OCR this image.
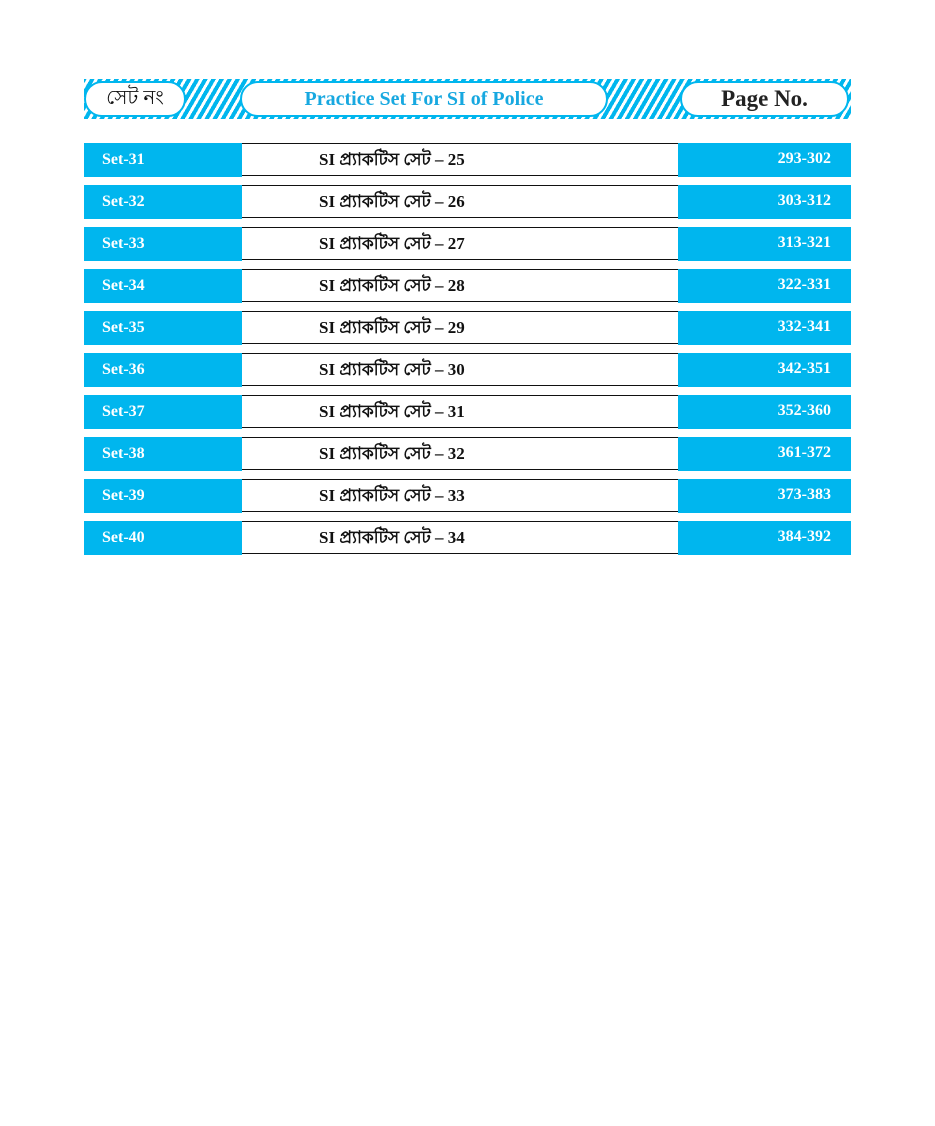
সেট নং	Practice Set For SI of Police	Page No.
Set-31	SI প্র্যাকটিস সেট – 25	293-302
Set-32	SI প্র্যাকটিস সেট – 26	303-312
Set-33	SI প্র্যাকটিস সেট – 27	313-321
Set-34	SI প্র্যাকটিস সেট – 28	322-331
Set-35	SI প্র্যাকটিস সেট – 29	332-341
Set-36	SI প্র্যাকটিস সেট – 30	342-351
Set-37	SI প্র্যাকটিস সেট – 31	352-360
Set-38	SI প্র্যাকটিস সেট – 32	361-372
Set-39	SI প্র্যাকটিস সেট – 33	373-383
Set-40	SI প্র্যাকটিস সেট – 34	384-392
